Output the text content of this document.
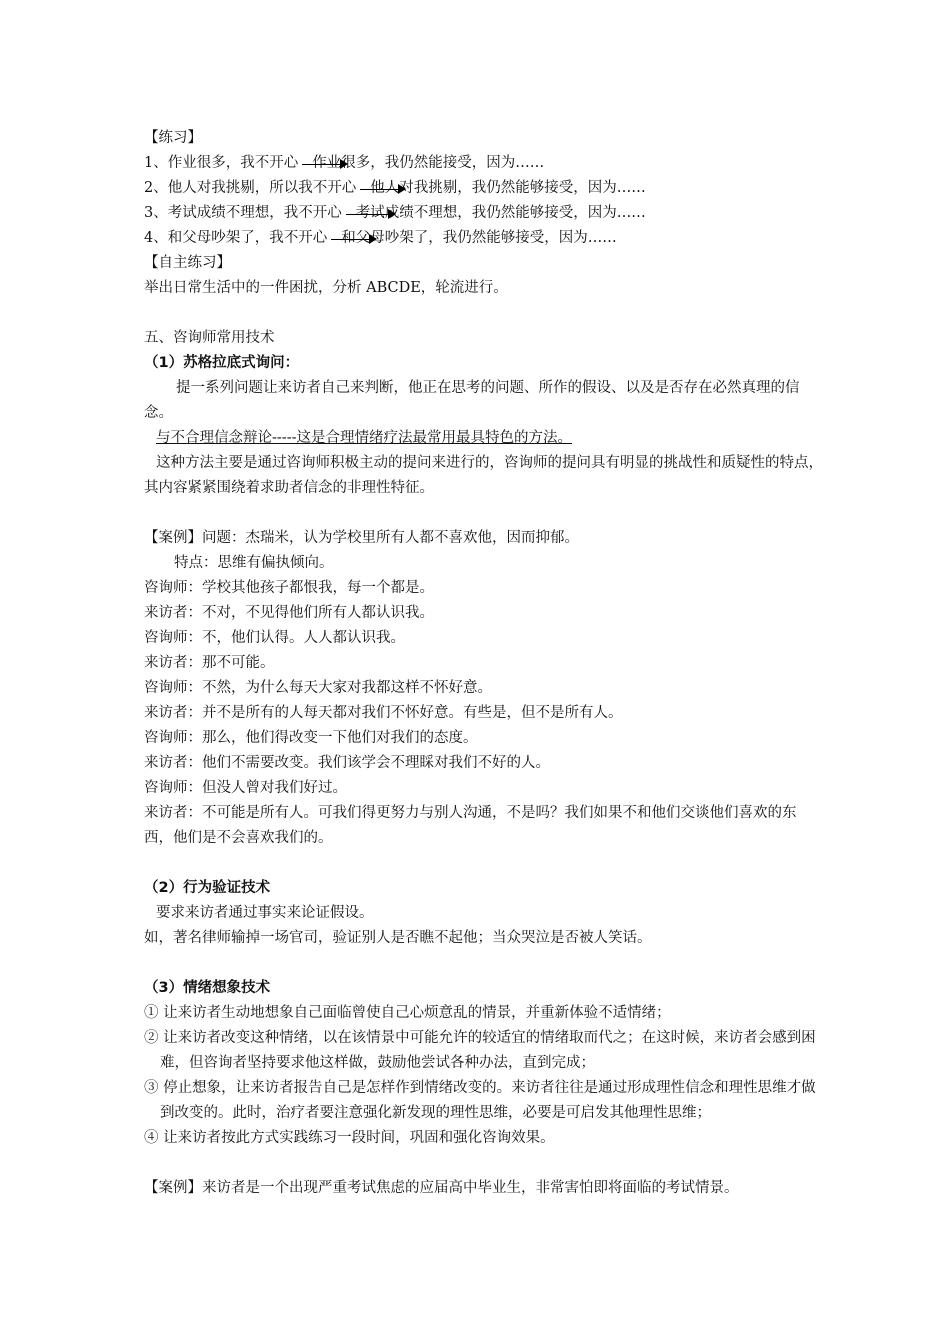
【练习】
1、作业很多，我不开心 作业很多，我仍然能接受，因为……
2、他人对我挑剔，所以我不开心 他人对我挑剔，我仍然能够接受，因为……
3、考试成绩不理想，我不开心 考试成绩不理想，我仍然能够接受，因为……
4、和父母吵架了，我不开心 和父母吵架了，我仍然能够接受，因为……
【自主练习】
举出日常生活中的一件困扰，分析 ABCDE，轮流进行。
五、咨询师常用技术
（1）苏格拉底式询问：
提一系列问题让来访者自己来判断，他正在思考的问题、所作的假设、以及是否存在必然真理的信念。
与不合理信念辩论-----这是合理情绪疗法最常用最具特色的方法。
这种方法主要是通过咨询师积极主动的提问来进行的，咨询师的提问具有明显的挑战性和质疑性的特点，其内容紧紧围绕着求助者信念的非理性特征。
【案例】问题：杰瑞米，认为学校里所有人都不喜欢他，因而抑郁。
特点：思维有偏执倾向。
咨询师：学校其他孩子都恨我，每一个都是。
来访者：不对，不见得他们所有人都认识我。
咨询师：不，他们认得。人人都认识我。
来访者：那不可能。
咨询师：不然，为什么每天大家对我都这样不怀好意。
来访者：并不是所有的人每天都对我们不怀好意。有些是，但不是所有人。
咨询师：那么，他们得改变一下他们对我们的态度。
来访者：他们不需要改变。我们该学会不理睬对我们不好的人。
咨询师：但没人曾对我们好过。
来访者：不可能是所有人。可我们得更努力与别人沟通，不是吗？我们如果不和他们交谈他们喜欢的东西，他们是不会喜欢我们的。
（2）行为验证技术
要求来访者通过事实来论证假设。
如，著名律师输掉一场官司，验证别人是否瞧不起他；当众哭泣是否被人笑话。
（3）情绪想象技术
① 让来访者生动地想象自己面临曾使自己心烦意乱的情景，并重新体验不适情绪；
② 让来访者改变这种情绪，以在该情景中可能允许的较适宜的情绪取而代之；在这时候，来访者会感到困难，但咨询者坚持要求他这样做，鼓励他尝试各种办法，直到完成；
③ 停止想象，让来访者报告自己是怎样作到情绪改变的。来访者往往是通过形成理性信念和理性思维才做到改变的。此时，治疗者要注意强化新发现的理性思维，必要是可启发其他理性思维；
④ 让来访者按此方式实践练习一段时间，巩固和强化咨询效果。
【案例】来访者是一个出现严重考试焦虑的应届高中毕业生，非常害怕即将面临的考试情景。
